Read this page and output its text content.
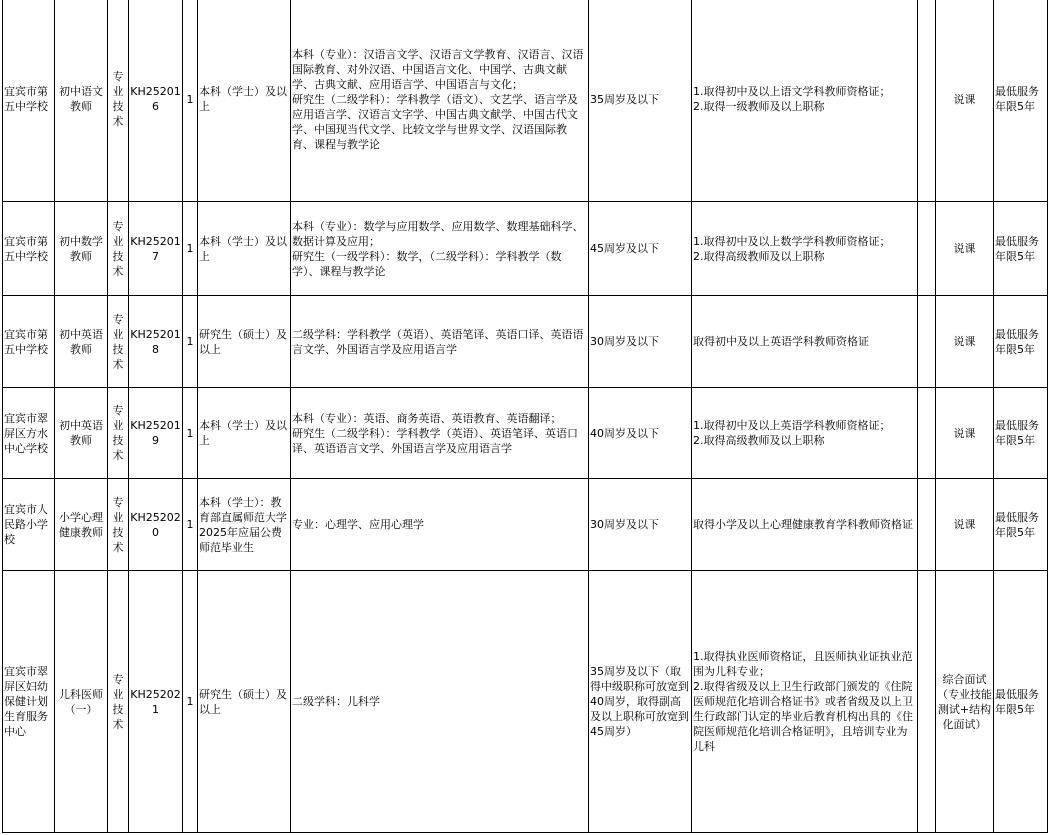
宜宾市第五中学校	初中语文教师	专业技术	KH252016	1	本科（学士）及以上	本科（专业）：汉语言文学、汉语言文学教育、汉语言、汉语国际教育、对外汉语、中国语言文化、中国学、古典文献学、古典文献、应用语言学、中国语言与文化；
研究生（二级学科）：学科教学（语文）、文艺学、语言学及应用语言学、汉语言文字学、中国古典文献学、中国古代文学、中国现当代文学、比较文学与世界文学、汉语国际教育、课程与教学论	35周岁及以下	1.取得初中及以上语文学科教师资格证；
2.取得一级教师及以上职称		说课	最低服务年限5年
宜宾市第五中学校	初中数学教师	专业技术	KH252017	1	本科（学士）及以上	本科（专业）：数学与应用数学、应用数学、数理基础科学、数据计算及应用；
研究生（一级学科）：数学，（二级学科）：学科教学（数学）、课程与教学论	45周岁及以下	1.取得初中及以上数学学科教师资格证；
2.取得高级教师及以上职称		说课	最低服务年限5年
宜宾市第五中学校	初中英语教师	专业技术	KH252018	1	研究生（硕士）及以上	二级学科：学科教学（英语）、英语笔译、英语口译、英语语言文学、外国语言学及应用语言学	30周岁及以下	取得初中及以上英语学科教师资格证		说课	最低服务年限5年
宜宾市翠屏区方水中心学校	初中英语教师	专业技术	KH252019	1	本科（学士）及以上	本科（专业）：英语、商务英语、英语教育、英语翻译；
研究生（二级学科）：学科教学（英语）、英语笔译、英语口译、英语语言文学、外国语言学及应用语言学	40周岁及以下	1.取得初中及以上英语学科教师资格证；
2.取得高级教师及以上职称		说课	最低服务年限5年
宜宾市人民路小学校	小学心理健康教师	专业技术	KH252020	1	本科（学士）：教育部直属师范大学2025年应届公费师范毕业生	专业：心理学、应用心理学	30周岁及以下	取得小学及以上心理健康教育学科教师资格证		说课	最低服务年限5年
宜宾市翠屏区妇幼保健计划生育服务中心	儿科医师（一）	专业技术	KH252021	1	研究生（硕士）及以上	二级学科：儿科学	35周岁及以下（取得中级职称可放宽到40周岁，取得副高及以上职称可放宽到45周岁）	1.取得执业医师资格证，且医师执业证执业范围为儿科专业；
2.取得省级及以上卫生行政部门颁发的《住院医师规范化培训合格证书》或者省级及以上卫生行政部门认定的毕业后教育机构出具的《住院医师规范化培训合格证明》，且培训专业为儿科		综合面试（专业技能测试+结构化面试）	最低服务年限5年
